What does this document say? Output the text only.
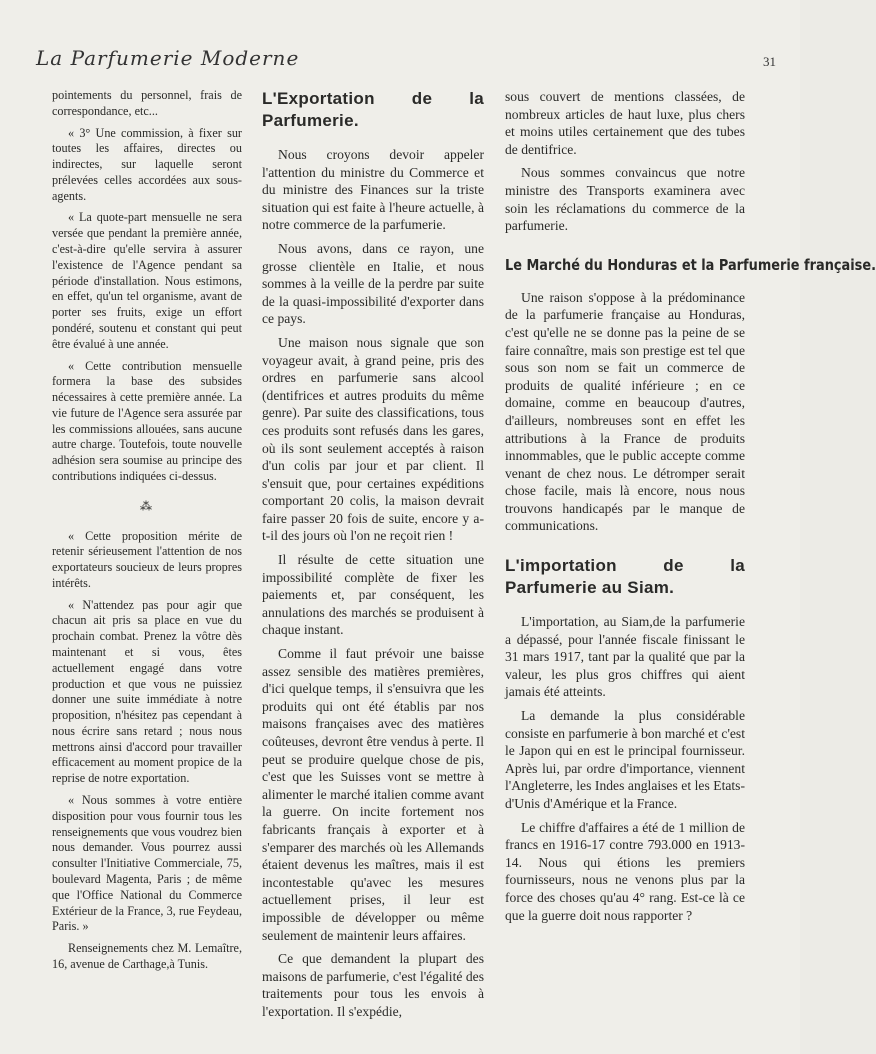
La Parfumerie Moderne	31

pointements du personnel, frais de correspondance, etc...

« 3° Une commission, à fixer sur toutes les affaires, directes ou indirectes, sur laquelle seront prélevées celles accordées aux sous-agents.

« La quote-part mensuelle ne sera versée que pendant la première année, c'est-à-dire qu'elle servira à assurer l'existence de l'Agence pendant sa période d'installation. Nous estimons, en effet, qu'un tel organisme, avant de porter ses fruits, exige un effort pondéré, soutenu et constant qui peut être évalué à une année.

« Cette contribution mensuelle formera la base des subsides nécessaires à cette première année. La vie future de l'Agence sera assurée par les commissions allouées, sans aucune autre charge. Toutefois, toute nouvelle adhésion sera soumise au principe des contributions indiquées ci-dessus.

⁂

« Cette proposition mérite de retenir sérieusement l'attention de nos exportateurs soucieux de leurs propres intérêts.

« N'attendez pas pour agir que chacun ait pris sa place en vue du prochain combat. Prenez la vôtre dès maintenant et si vous, êtes actuellement engagé dans votre production et que vous ne puissiez donner une suite immédiate à notre proposition, n'hésitez pas cependant à nous écrire sans retard ; nous nous mettrons ainsi d'accord pour travailler efficacement au moment propice de la reprise de notre exportation.

« Nous sommes à votre entière disposition pour vous fournir tous les renseignements que vous voudrez bien nous demander. Vous pourrez aussi consulter l'Initiative Commerciale, 75, boulevard Magenta, Paris ; de même que l'Office National du Commerce Extérieur de la France, 3, rue Feydeau, Paris. »

Renseignements chez M. Lemaître, 16, avenue de Carthage,à Tunis.

L'Exportation de la Parfumerie.

Nous croyons devoir appeler l'attention du ministre du Commerce et du ministre des Finances sur la triste situation qui est faite à l'heure actuelle, à notre commerce de la parfumerie.

Nous avons, dans ce rayon, une grosse clientèle en Italie, et nous sommes à la veille de la perdre par suite de la quasi-impossibilité d'exporter dans ce pays.

Une maison nous signale que son voyageur avait, à grand peine, pris des ordres en parfumerie sans alcool (dentifrices et autres produits du même genre). Par suite des classifications, tous ces produits sont refusés dans les gares, où ils sont seulement acceptés à raison d'un colis par jour et par client. Il s'ensuit que, pour certaines expéditions comportant 20 colis, la maison devrait faire passer 20 fois de suite, encore y a-t-il des jours où l'on ne reçoit rien !

Il résulte de cette situation une impossibilité complète de fixer les paiements et, par conséquent, les annulations des marchés se produisent à chaque instant.

Comme il faut prévoir une baisse assez sensible des matières premières, d'ici quelque temps, il s'ensuivra que les produits qui ont été établis par nos maisons françaises avec des matières coûteuses, devront être vendus à perte. Il peut se produire quelque chose de pis, c'est que les Suisses vont se mettre à alimenter le marché italien comme avant la guerre. On incite fortement nos fabricants français à exporter et à s'emparer des marchés où les Allemands étaient devenus les maîtres, mais il est incontestable qu'avec les mesures actuellement prises, il leur est impossible de développer ou même seulement de maintenir leurs affaires.

Ce que demandent la plupart des maisons de parfumerie, c'est l'égalité des traitements pour tous les envois à l'exportation. Il s'expédie,

sous couvert de mentions classées, de nombreux articles de haut luxe, plus chers et moins utiles certainement que des tubes de dentifrice.

Nous sommes convaincus que notre ministre des Transports examinera avec soin les réclamations du commerce de la parfumerie.

Le Marché du Honduras et la Parfumerie française.

Une raison s'oppose à la prédominance de la parfumerie française au Honduras, c'est qu'elle ne se donne pas la peine de se faire connaître, mais son prestige est tel que sous son nom se fait un commerce de produits de qualité inférieure ; en ce domaine, comme en beaucoup d'autres, d'ailleurs, nombreuses sont en effet les attributions à la France de produits innommables, que le public accepte comme venant de chez nous. Le détromper serait chose facile, mais là encore, nous nous trouvons handicapés par le manque de communications.

L'importation de la Parfumerie au Siam.

L'importation, au Siam,de la parfumerie a dépassé, pour l'année fiscale finissant le 31 mars 1917, tant par la qualité que par la valeur, les plus gros chiffres qui aient jamais été atteints.

La demande la plus considérable consiste en parfumerie à bon marché et c'est le Japon qui en est le principal fournisseur. Après lui, par ordre d'importance, viennent l'Angleterre, les Indes anglaises et les Etats-d'Unis d'Amérique et la France.

Le chiffre d'affaires a été de 1 million de francs en 1916-17 contre 793.000 en 1913-14. Nous qui étions les premiers fournisseurs, nous ne venons plus par la force des choses qu'au 4° rang. Est-ce là ce que la guerre doit nous rapporter ?
